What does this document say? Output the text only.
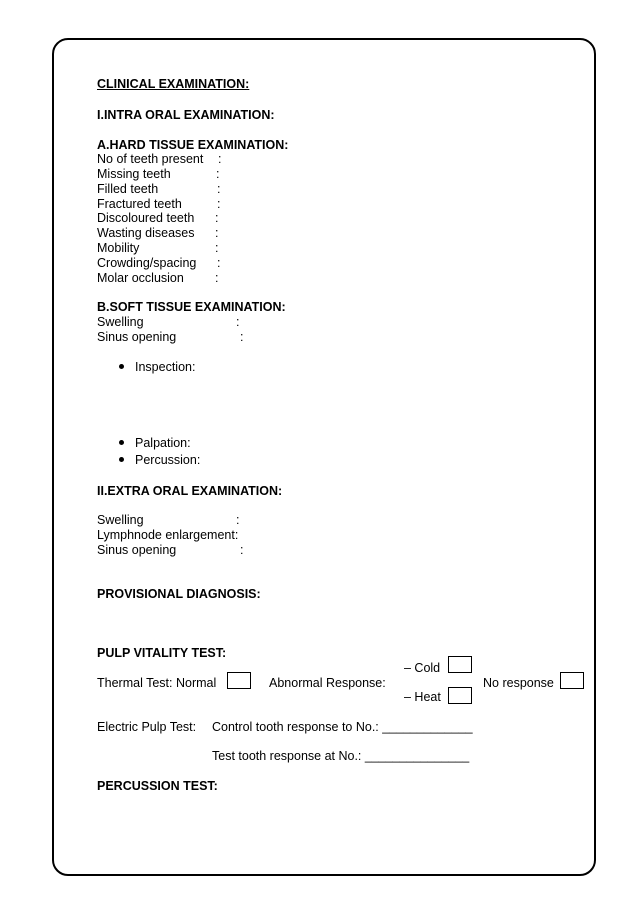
CLINICAL EXAMINATION:
I.INTRA ORAL EXAMINATION:
A.HARD TISSUE EXAMINATION:
No of teeth present :
Missing teeth	:
Filled teeth	:
Fractured teeth	:
Discoloured teeth :
Wasting diseases :
Mobility	:
Crowding/spacing :
Molar occlusion :
B.SOFT TISSUE EXAMINATION:
Swelling	:
Sinus opening	:
Inspection:
Palpation:
Percussion:
II.EXTRA ORAL EXAMINATION:
Swelling	:
Lymphnode enlargement:
Sinus opening	:
PROVISIONAL DIAGNOSIS:
PULP VITALITY TEST:
– Cold
Thermal Test: Normal	Abnormal Response:	No response
– Heat
Electric Pulp Test: Control tooth response to No.: _____________
Test tooth response at No.: _______________
PERCUSSION TEST:
